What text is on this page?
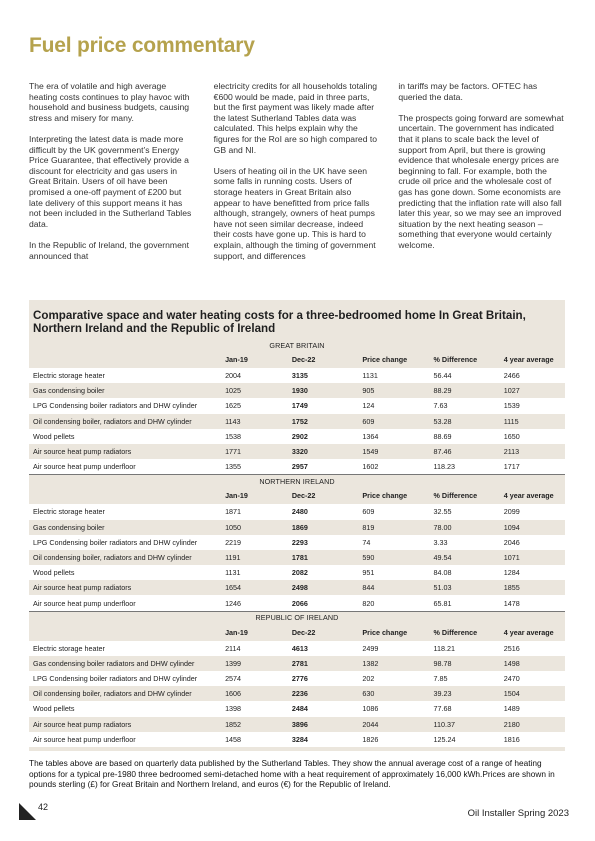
Fuel price commentary

The era of volatile and high average heating costs continues to play havoc with household and business budgets, causing stress and misery for many.

Interpreting the latest data is made more difficult by the UK government’s Energy Price Guarantee, that effectively provide a discount for electricity and gas users in Great Britain. Users of oil have been promised a one-off payment of £200 but late delivery of this support means it has not been included in the Sutherland Tables data.

In the Republic of Ireland, the government announced that

electricity credits for all households totaling €600 would be made, paid in three parts, but the first payment was likely made after the latest Sutherland Tables data was calculated. This helps explain why the figures for the RoI are so high compared to GB and NI.

Users of heating oil in the UK have seen some falls in running costs. Users of storage heaters in Great Britain also appear to have benefitted from price falls although, strangely, owners of heat pumps have not seen similar decrease, indeed their costs have gone up. This is hard to explain, although the timing of government support, and differences

in tariffs may be factors. OFTEC has queried the data.

The prospects going forward are somewhat uncertain. The government has indicated that it plans to scale back the level of support from April, but there is growing evidence that wholesale energy prices are beginning to fall. For example, both the crude oil price and the wholesale cost of gas has gone down. Some economists are predicting that the inflation rate will also fall later this year, so we may see an improved situation by the next heating season – something that everyone would certainly welcome.

Comparative space and water heating costs for a three-bedroomed home In Great Britain, Northern Ireland and the Republic of Ireland
GREAT BRITAIN					
	Jan-19	Dec-22	Price change	% Difference	4 year average
Electric storage heater	2004	3135	1131	56.44	2466
Gas condensing boiler	1025	1930	905	88.29	1027
LPG Condensing boiler radiators and DHW cylinder	1625	1749	124	7.63	1539
Oil condensing boiler, radiators and DHW cylinder	1143	1752	609	53.28	1115
Wood pellets	1538	2902	1364	88.69	1650
Air source heat pump radiators	1771	3320	1549	87.46	2113
Air source heat pump underfloor	1355	2957	1602	118.23	1717
NORTHERN IRELAND					
	Jan-19	Dec-22	Price change	% Difference	4 year average
Electric storage heater	1871	2480	609	32.55	2099
Gas condensing boiler	1050	1869	819	78.00	1094
LPG Condensing boiler radiators and DHW cylinder	2219	2293	74	3.33	2046
Oil condensing boiler, radiators and DHW cylinder	1191	1781	590	49.54	1071
Wood pellets	1131	2082	951	84.08	1284
Air source heat pump radiators	1654	2498	844	51.03	1855
Air source heat pump underfloor	1246	2066	820	65.81	1478
REPUBLIC OF IRELAND					
	Jan-19	Dec-22	Price change	% Difference	4 year average
Electric storage heater	2114	4613	2499	118.21	2516
Gas condensing boiler radiators and DHW cylinder	1399	2781	1382	98.78	1498
LPG Condensing boiler radiators and DHW cylinder	2574	2776	202	7.85	2470
Oil condensing boiler, radiators and DHW cylinder	1606	2236	630	39.23	1504
Wood pellets	1398	2484	1086	77.68	1489
Air source heat pump radiators	1852	3896	2044	110.37	2180
Air source heat pump underfloor	1458	3284	1826	125.24	1816
The tables above are based on quarterly data published by the Sutherland Tables. They show the annual average cost of a range of heating options for a typical pre-1980 three bedroomed semi-detached home with a heat requirement of approximately 16,000 kWh.Prices are shown in pounds sterling (£) for Great Britain and Northern Ireland, and euros (€) for the Republic of Ireland.
42
Oil Installer Spring 2023
